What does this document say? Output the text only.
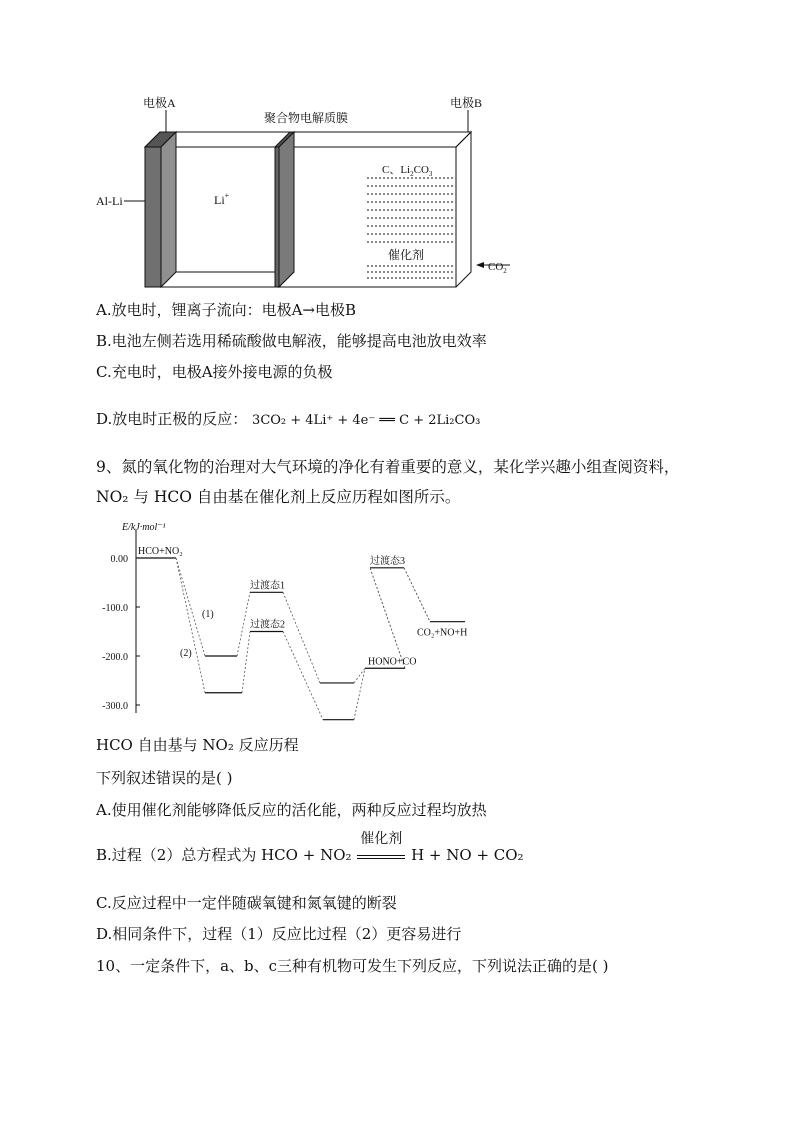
电极A	电极B
聚合物电解质膜
Al-Li	Li+
C、$Li_2CO_3$
催化剂
$CO_2$
A.放电时，锂离子流向：电极A→电极B
B.电池左侧若选用稀硫酸做电解液，能够提高电池放电效率
C.充电时，电极A接外接电源的负极
D.放电时正极的反应： 3CO₂ + 4Li⁺ + 4e⁻ ══ C + 2Li₂CO₃
9、氮的氧化物的治理对大气环境的净化有着重要的意义，某化学兴趣小组查阅资料，
NO₂ 与 HCO 自由基在催化剂上反应历程如图所示。
E/kJ·mol⁻¹
0.00
-100.0
-200.0
-300.0
HCO+NO₂
过渡态1
过渡态2
HONO+CO
过渡态3
CO₂+NO+H
(1)
(2)
HCO 自由基与 NO₂ 反应历程
下列叙述错误的是( )
A.使用催化剂能够降低反应的活化能，两种反应过程均放热
B.过程（2）总方程式为 HCO + NO₂
催化剂
H + NO + CO₂
C.反应过程中一定伴随碳氧键和氮氧键的断裂
D.相同条件下，过程（1）反应比过程（2）更容易进行
10、一定条件下，a、b、c三种有机物可发生下列反应，下列说法正确的是( )
